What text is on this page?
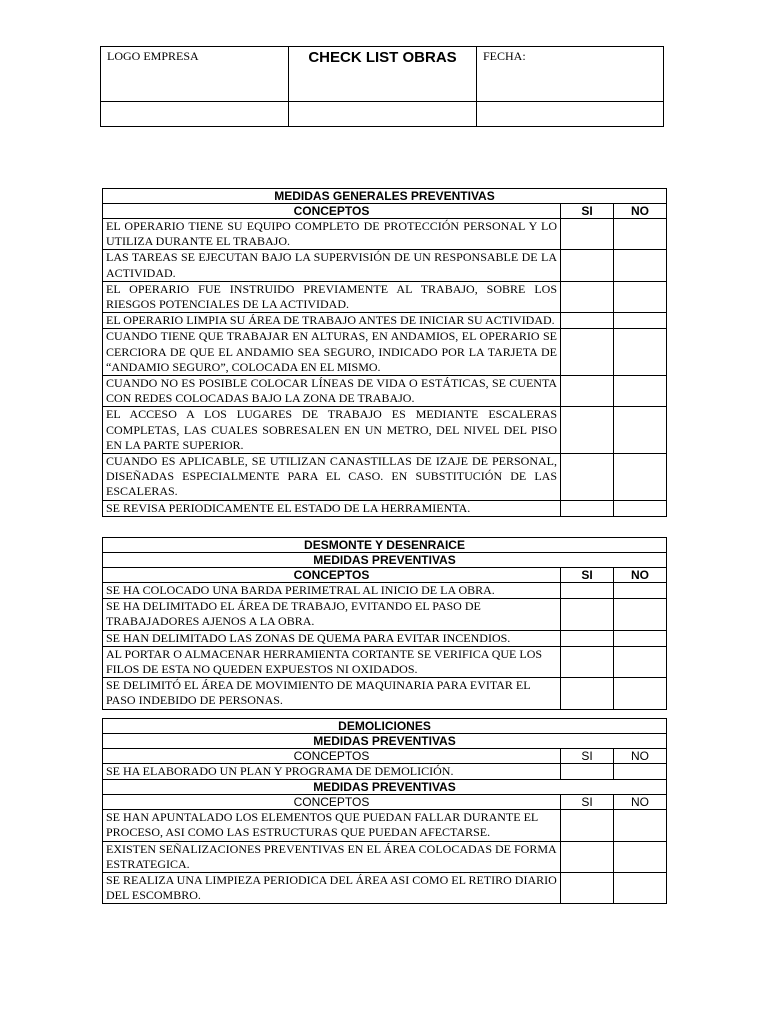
LOGO EMPRESA	CHECK LIST OBRAS	FECHA:

MEDIDAS GENERALES PREVENTIVAS		
CONCEPTOS	SI	NO
EL OPERARIO TIENE SU EQUIPO COMPLETO DE PROTECCIÓN PERSONAL Y LO UTILIZA DURANTE EL TRABAJO.		
LAS TAREAS SE EJECUTAN BAJO LA SUPERVISIÓN DE UN RESPONSABLE DE LA ACTIVIDAD.		
EL OPERARIO FUE INSTRUIDO PREVIAMENTE AL TRABAJO, SOBRE LOS RIESGOS POTENCIALES DE LA ACTIVIDAD.		
EL OPERARIO LIMPIA SU ÁREA DE TRABAJO ANTES DE INICIAR SU ACTIVIDAD.		
CUANDO TIENE QUE TRABAJAR EN ALTURAS, EN ANDAMIOS, EL OPERARIO SE CERCIORA DE QUE EL ANDAMIO SEA SEGURO, INDICADO POR LA TARJETA DE “ANDAMIO SEGURO”, COLOCADA EN EL MISMO.		
CUANDO NO ES POSIBLE COLOCAR LÍNEAS DE VIDA O ESTÁTICAS, SE CUENTA CON REDES COLOCADAS BAJO LA ZONA DE TRABAJO.		
EL ACCESO A LOS LUGARES DE TRABAJO ES MEDIANTE ESCALERAS COMPLETAS, LAS CUALES SOBRESALEN EN UN METRO, DEL NIVEL DEL PISO EN LA PARTE SUPERIOR.		
CUANDO ES APLICABLE, SE UTILIZAN CANASTILLAS DE IZAJE DE PERSONAL, DISEÑADAS ESPECIALMENTE PARA EL CASO. EN SUBSTITUCIÓN DE LAS ESCALERAS.		
SE REVISA PERIODICAMENTE EL ESTADO DE LA HERRAMIENTA.		
DESMONTE Y DESENRAICE		
MEDIDAS PREVENTIVAS		
CONCEPTOS	SI	NO
SE HA COLOCADO UNA BARDA PERIMETRAL AL INICIO DE LA OBRA.		
SE HA DELIMITADO EL ÁREA DE TRABAJO, EVITANDO EL PASO DE TRABAJADORES AJENOS A LA OBRA.		
SE HAN DELIMITADO LAS ZONAS DE QUEMA PARA EVITAR INCENDIOS.		
AL PORTAR O ALMACENAR HERRAMIENTA CORTANTE SE VERIFICA QUE LOS FILOS DE ESTA NO QUEDEN EXPUESTOS NI OXIDADOS.		
SE DELIMITÓ EL ÁREA DE MOVIMIENTO DE MAQUINARIA PARA EVITAR EL PASO INDEBIDO DE PERSONAS.		
DEMOLICIONES		
MEDIDAS PREVENTIVAS		
CONCEPTOS	SI	NO
SE HA ELABORADO UN PLAN Y PROGRAMA DE DEMOLICIÓN.		
MEDIDAS PREVENTIVAS		
CONCEPTOS	SI	NO
SE HAN APUNTALADO LOS ELEMENTOS QUE PUEDAN FALLAR DURANTE EL PROCESO, ASI COMO LAS ESTRUCTURAS QUE PUEDAN AFECTARSE.		
EXISTEN SEÑALIZACIONES PREVENTIVAS EN EL ÁREA COLOCADAS DE FORMA ESTRATEGICA.		
SE REALIZA UNA LIMPIEZA PERIODICA DEL ÁREA ASI COMO EL RETIRO DIARIO DEL ESCOMBRO.		
